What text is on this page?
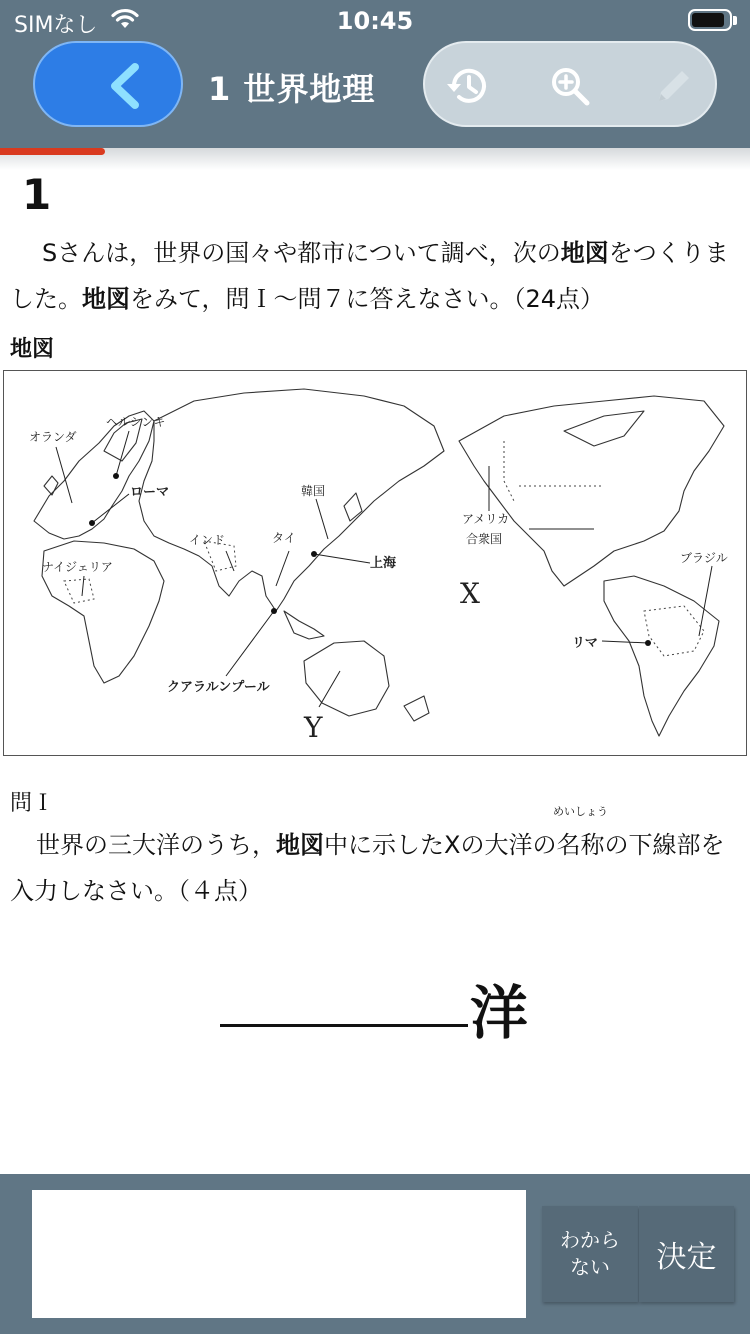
SIMなし	10:45
1 世界地理
1
Sさんは，世界の国々や都市について調べ，次の地図をつくりました。地図をみて，問Ｉ～問７に答えなさい。（24点）
地図
オランダ
ヘルシンキ
ローマ
インド	タイ
韓国
上海
ナイジェリア
クアラルンプール
アメリカ
合衆国
ブラジル
リマ
X
Y
問Ｉ
世界の三大洋のうち，地図中に示したXの大洋の
めいしょう
名称の下線部を入力しなさい。（４点）
洋
わから
ない	決定
